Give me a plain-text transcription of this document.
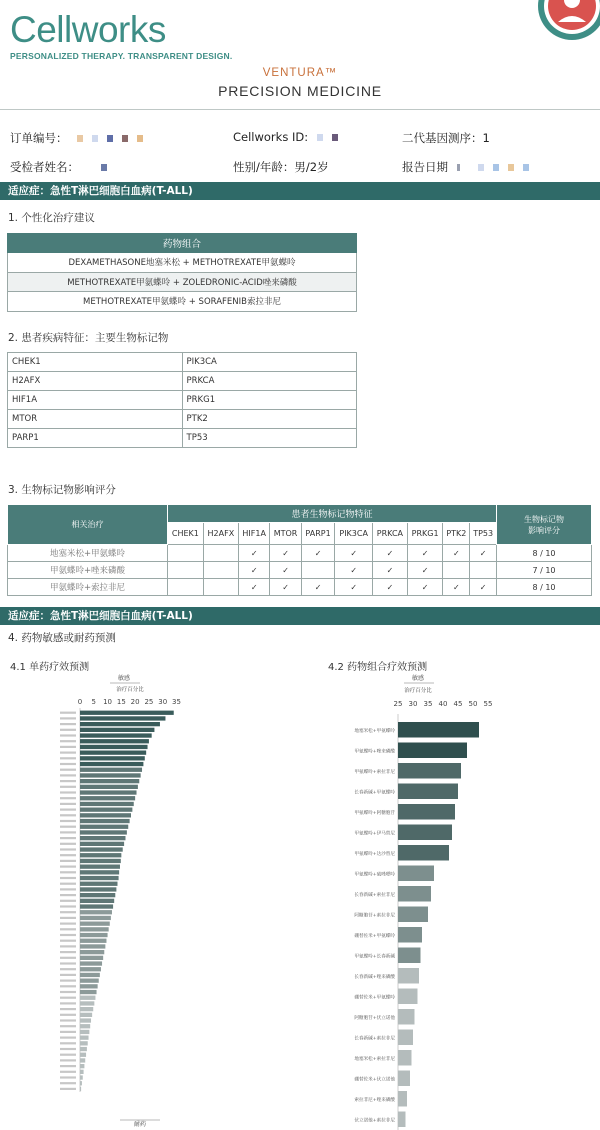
Cellworks
PERSONALIZED THERAPY. TRANSPARENT DESIGN.
VENTURA™
PRECISION MEDICINE
订单编号：	Cellworks ID:	二代基因测序：1
受检者姓名：	性别/年龄：男/2岁	报告日期
适应症：急性T淋巴细胞白血病(T-ALL)
1. 个性化治疗建议
药物组合
DEXAMETHASONE地塞米松 + METHOTREXATE甲氨蝶呤
METHOTREXATE甲氨蝶呤 + ZOLEDRONIC-ACID唑来磷酸
METHOTREXATE甲氨蝶呤 + SORAFENIB索拉非尼
2. 患者疾病特征：主要生物标记物
CHEK1	PIK3CA
H2AFX	PRKCA
HIF1A	PRKG1
MTOR	PTK2
PARP1	TP53
3. 生物标记物影响评分
相关治疗	患者生物标记物特征										生物标记物
影响评分

	CHEK1	H2AFX	HIF1A	MTOR	PARP1	PIK3CA	PRKCA	PRKG1	PTK2	TP53	
地塞米松+甲氨蝶呤			✓	✓	✓	✓	✓	✓	✓	✓	8 / 10
甲氨蝶呤+唑来磷酸			✓	✓		✓	✓	✓			7 / 10
甲氨蝶呤+索拉非尼			✓	✓	✓	✓	✓	✓	✓	✓	8 / 10
适应症：急性T淋巴细胞白血病(T-ALL)
4. 药物敏感或耐药预测
4.1 单药疗效预测	4.2 药物组合疗效预测
敏感
治疗百分比
0 5 10 15 20 25 30 35
耐药
敏感
治疗百分比
25 30 35 40 45 50 55
地塞米松+甲氨蝶呤
甲氨蝶呤+唑来磷酸
甲氨蝶呤+索拉非尼
长春新碱+甲氨蝶呤
甲氨蝶呤+阿糖胞苷
甲氨蝶呤+伊马替尼
甲氨蝶呤+达沙替尼
甲氨蝶呤+硫唑嘌呤
长春新碱+索拉非尼
阿糖胞苷+索拉非尼
硼替佐米+甲氨蝶呤
甲氨蝶呤+长春新碱
长春新碱+唑来磷酸
硼替佐米+甲氨蝶呤
阿糖胞苷+伏立诺他
长春新碱+索拉非尼
地塞米松+索拉非尼
硼替佐米+伏立诺他
索拉非尼+唑来磷酸
伏立诺他+索拉非尼
